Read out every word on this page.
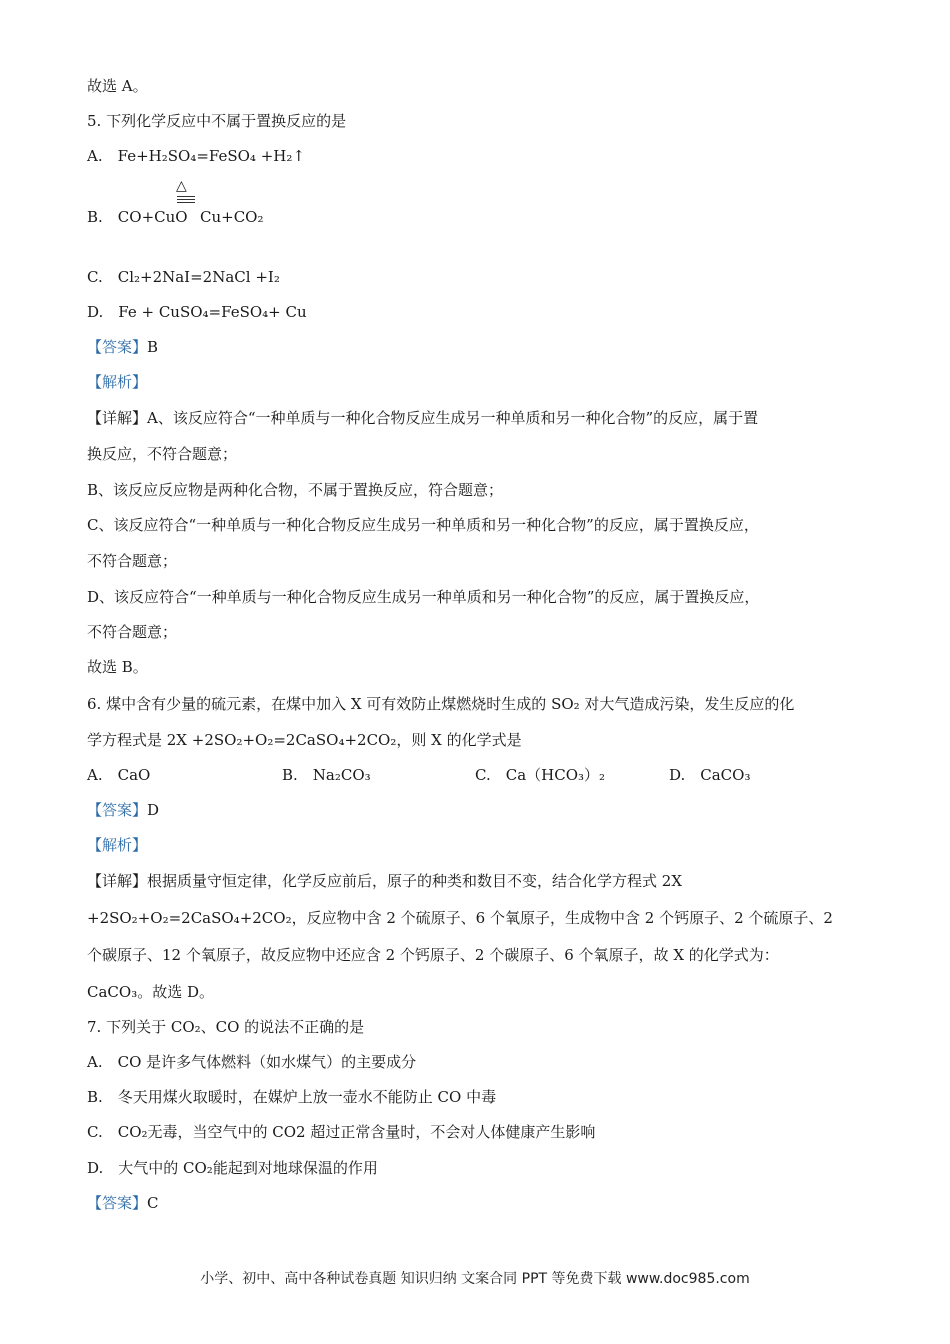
故选 A。
5. 下列化学反应中不属于置换反应的是
A.　Fe+H₂SO₄=FeSO₄ +H₂↑
△
B.　CO+CuO Cu+CO₂
C.　Cl₂+2NaI=2NaCl +I₂
D.　Fe + CuSO₄=FeSO₄+ Cu
【答案】B
【解析】
【详解】A、该反应符合“一种单质与一种化合物反应生成另一种单质和另一种化合物”的反应，属于置
换反应，不符合题意；
B、该反应反应物是两种化合物，不属于置换反应，符合题意；
C、该反应符合“一种单质与一种化合物反应生成另一种单质和另一种化合物”的反应，属于置换反应，
不符合题意；
D、该反应符合“一种单质与一种化合物反应生成另一种单质和另一种化合物”的反应，属于置换反应，
不符合题意；
故选 B。
6. 煤中含有少量的硫元素，在煤中加入 X 可有效防止煤燃烧时生成的 SO₂ 对大气造成污染，发生反应的化
学方程式是 2X +2SO₂+O₂=2CaSO₄+2CO₂，则 X 的化学式是
A.　CaO	B.　Na₂CO₃	C.　Ca（HCO₃）₂	D.　CaCO₃
【答案】D
【解析】
【详解】根据质量守恒定律，化学反应前后，原子的种类和数目不变，结合化学方程式 2X
+2SO₂+O₂=2CaSO₄+2CO₂，反应物中含 2 个硫原子、6 个氧原子，生成物中含 2 个钙原子、2 个硫原子、2
个碳原子、12 个氧原子，故反应物中还应含 2 个钙原子、2 个碳原子、6 个氧原子，故 X 的化学式为：
CaCO₃。故选 D。
7. 下列关于 CO₂、CO 的说法不正确的是
A.　CO 是许多气体燃料（如水煤气）的主要成分
B.　冬天用煤火取暖时，在媒炉上放一壶水不能防止 CO 中毒
C.　CO₂无毒，当空气中的 CO2 超过正常含量时，不会对人体健康产生影响
D.　大气中的 CO₂能起到对地球保温的作用
【答案】C
小学、初中、高中各种试卷真题 知识归纳 文案合同 PPT 等免费下载 www.doc985.com
